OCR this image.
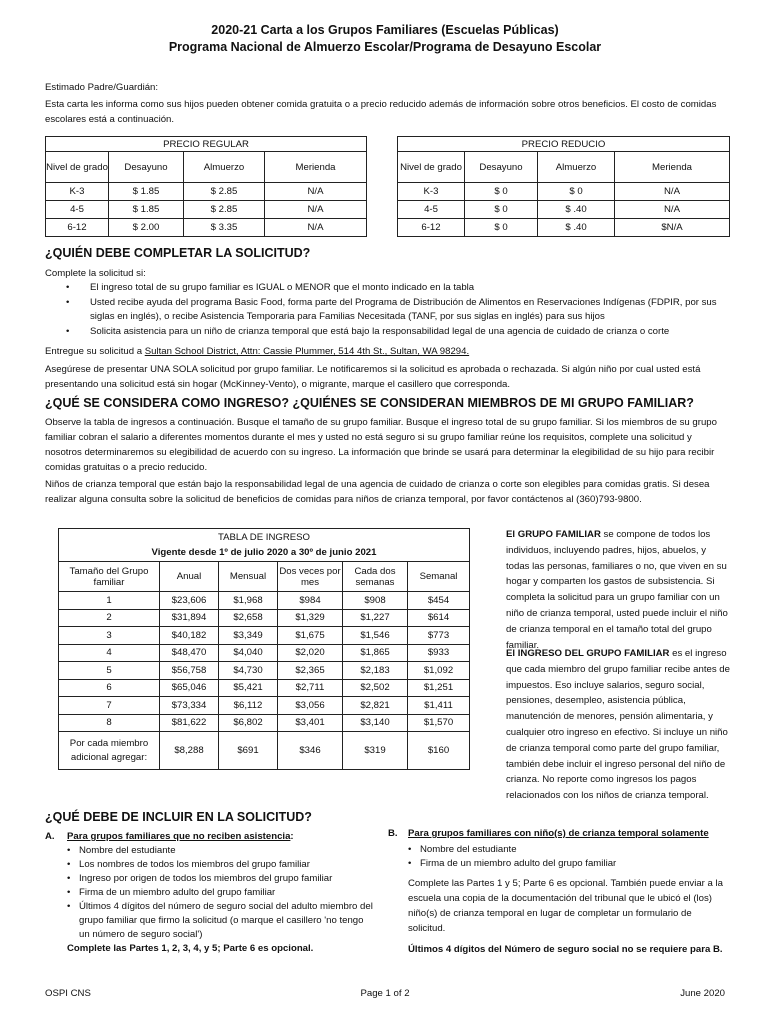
2020-21 Carta a los Grupos Familiares (Escuelas Públicas)
Programa Nacional de Almuerzo Escolar/Programa de Desayuno Escolar
Estimado Padre/Guardián:
Esta carta les informa como sus hijos pueden obtener comida gratuita o a precio reducido además de información sobre otros beneficios. El costo de comidas escolares está a continuación.
PRECIO REGULAR			
Nivel de grado	Desayuno	Almuerzo	Merienda
K-3	$ 1.85	$ 2.85	N/A
4-5	$ 1.85	$ 2.85	N/A
6-12	$ 2.00	$ 3.35	N/A
PRECIO REDUCIO			
Nivel de grado	Desayuno	Almuerzo	Merienda
K-3	$ 0	$ 0	N/A
4-5	$ 0	$ .40	N/A
6-12	$ 0	$ .40	$N/A
¿QUIÉN DEBE COMPLETAR LA SOLICITUD?
Complete la solicitud si:
• El ingreso total de su grupo familiar es IGUAL o MENOR que el monto indicado en la tabla
• Usted recibe ayuda del programa Basic Food, forma parte del Programa de Distribución de Alimentos en Reservaciones Indígenas (FDPIR, por sus siglas en inglés), o recibe Asistencia Temporaria para Familias Necesitada (TANF, por sus siglas en inglés) para sus hijos
• Solicita asistencia para un niño de crianza temporal que está bajo la responsabilidad legal de una agencia de cuidado de crianza o corte
Entregue su solicitud a Sultan School District, Attn: Cassie Plummer, 514 4th St., Sultan, WA 98294.
Asegúrese de presentar UNA SOLA solicitud por grupo familiar. Le notificaremos si la solicitud es aprobada o rechazada. Si algún niño por cual usted está presentando una solicitud está sin hogar (McKinney-Vento), o migrante, marque el casillero que corresponda.
¿QUÉ SE CONSIDERA COMO INGRESO? ¿QUIÉNES SE CONSIDERAN MIEMBROS DE MI GRUPO FAMILIAR?
Observe la tabla de ingresos a continuación. Busque el tamaño de su grupo familiar. Busque el ingreso total de su grupo familiar. Si los miembros de su grupo familiar cobran el salario a diferentes momentos durante el mes y usted no está seguro si su grupo familiar reúne los requisitos, complete una solicitud y nosotros determinaremos su elegibilidad de acuerdo con su ingreso. La información que brinde se usará para determinar la elegibilidad de su hijo para recibir comidas gratuitas o a precio reducido.
Niños de crianza temporal que están bajo la responsabilidad legal de una agencia de cuidado de crianza o corte son elegibles para comidas gratis. Si desea realizar alguna consulta sobre la solicitud de beneficios de comidas para niños de crianza temporal, por favor contáctenos al (360)793-9800.
TABLA DE INGRESO
Vigente desde 1º de julio 2020 a 30º de junio 2021					

Tamaño del Grupo familiar	Anual	Mensual	Dos veces por mes	Cada dos semanas	Semanal
1	$23,606	$1,968	$984	$908	$454
2	$31,894	$2,658	$1,329	$1,227	$614
3	$40,182	$3,349	$1,675	$1,546	$773
4	$48,470	$4,040	$2,020	$1,865	$933
5	$56,758	$4,730	$2,365	$2,183	$1,092
6	$65,046	$5,421	$2,711	$2,502	$1,251
7	$73,334	$6,112	$3,056	$2,821	$1,411
8	$81,622	$6,802	$3,401	$3,140	$1,570
Por cada miembro adicional agregar:	$8,288	$691	$346	$319	$160
El GRUPO FAMILIAR se compone de todos los individuos, incluyendo padres, hijos, abuelos, y todas las personas, familiares o no, que viven en su hogar y comparten los gastos de subsistencia. Si completa la solicitud para un grupo familiar con un niño de crianza temporal, usted puede incluir el niño de crianza temporal en el tamaño total del grupo familiar.
El INGRESO DEL GRUPO FAMILIAR es el ingreso que cada miembro del grupo familiar recibe antes de impuestos. Eso incluye salarios, seguro social, pensiones, desempleo, asistencia pública, manutención de menores, pensión alimentaria, y cualquier otro ingreso en efectivo. Si incluye un niño de crianza temporal como parte del grupo familiar, también debe incluir el ingreso personal del niño de crianza. No reporte como ingresos los pagos relacionados con los niños de crianza temporal.
¿QUÉ DEBE DE INCLUIR EN LA SOLICITUD?
A. Para grupos familiares que no reciben asistencia:
• Nombre del estudiante
• Los nombres de todos los miembros del grupo familiar
• Ingreso por origen de todos los miembros del grupo familiar
• Firma de un miembro adulto del grupo familiar
• Últimos 4 dígitos del número de seguro social del adulto miembro del grupo familiar que firmo la solicitud (o marque el casillero 'no tengo un número de seguro social')
Complete las Partes 1, 2, 3, 4, y 5; Parte 6 es opcional.
B. Para grupos familiares con niño(s) de crianza temporal solamente
• Nombre del estudiante
• Firma de un miembro adulto del grupo familiar
Complete las Partes 1 y 5; Parte 6 es opcional. También puede enviar a la escuela una copia de la documentación del tribunal que le ubicó el (los) niño(s) de crianza temporal en lugar de completar un formulario de solicitud.
Últimos 4 dígitos del Número de seguro social no se requiere para B.
OSPI CNS	Page 1 of 2	June 2020
